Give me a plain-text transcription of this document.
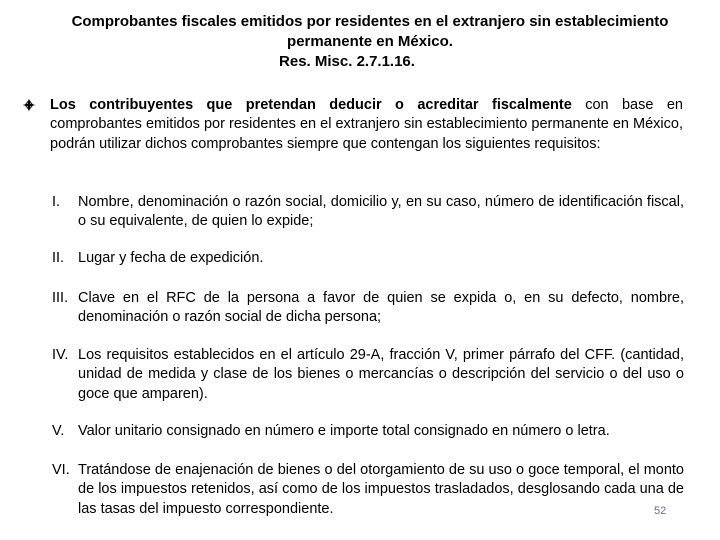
Comprobantes fiscales emitidos por residentes en el extranjero sin establecimiento
permanente en México.
Res. Misc. 2.7.1.16.
Los contribuyentes que pretendan deducir o acreditar fiscalmente con base en comprobantes emitidos por residentes en el extranjero sin establecimiento permanente en México, podrán utilizar dichos comprobantes siempre que contengan los siguientes requisitos:
I. Nombre, denominación o razón social, domicilio y, en su caso, número de identificación fiscal, o su equivalente, de quien lo expide;
II. Lugar y fecha de expedición.
III. Clave en el RFC de la persona a favor de quien se expida o, en su defecto, nombre, denominación o razón social de dicha persona;
IV. Los requisitos establecidos en el artículo 29-A, fracción V, primer párrafo del CFF. (cantidad, unidad de medida y clase de los bienes o mercancías o descripción del servicio o del uso o goce que amparen).
V. Valor unitario consignado en número e importe total consignado en número o letra.
VI. Tratándose de enajenación de bienes o del otorgamiento de su uso o goce temporal, el monto de los impuestos retenidos, así como de los impuestos trasladados, desglosando cada una de las tasas del impuesto correspondiente.	52
